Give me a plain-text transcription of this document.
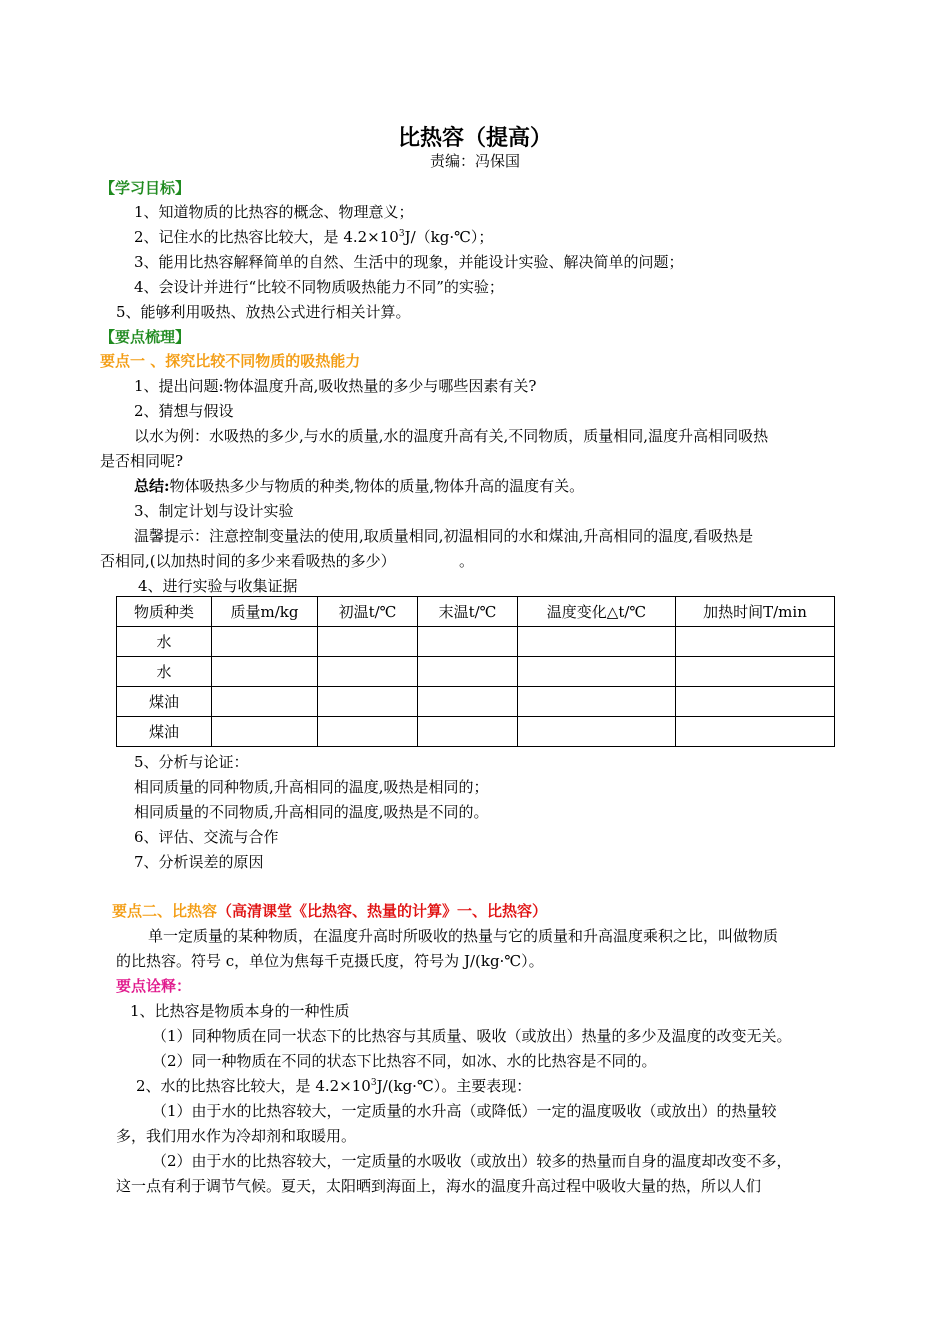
比热容（提高）
责编：冯保国
【学习目标】
1、知道物质的比热容的概念、物理意义；
2、记住水的比热容比较大，是 $4.2\times 10^3J/(kg\cdot℃)$；
3、能用比热容解释简单的自然、生活中的现象，并能设计实验、解决简单的问题；
4、会设计并进行“比较不同物质吸热能力不同”的实验；
5、能够利用吸热、放热公式进行相关计算。
【要点梳理】
要点一 、探究比较不同物质的吸热能力
1、提出问题:物体温度升高,吸收热量的多少与哪些因素有关?
2、猜想与假设
以水为例：水吸热的多少,与水的质量,水的温度升高有关,不同物质，质量相同,温度升高相同吸热
是否相同呢?
总结:物体吸热多少与物质的种类,物体的质量,物体升高的温度有关。
3、制定计划与设计实验
温馨提示：注意控制变量法的使用,取质量相同,初温相同的水和煤油,升高相同的温度,看吸热是
否相同,(以加热时间的多少来看吸热的多少）	。
4、进行实验与收集证据
物质种类	质量m/kg	初温t/℃	末温t/℃	温度变化△t/℃	加热时间T/min
水					
水					
煤油					
煤油					
5、分析与论证：
相同质量的同种物质,升高相同的温度,吸热是相同的；
相同质量的不同物质,升高相同的温度,吸热是不同的。
6、评估、交流与合作
7、分析误差的原因
要点二、比热容（高清课堂《比热容、热量的计算》一、比热容）
单一定质量的某种物质，在温度升高时所吸收的热量与它的质量和升高温度乘积之比，叫做物质
的比热容。符号 c，单位为焦每千克摄氏度，符号为 J/(kg·℃）。
要点诠释：
1、比热容是物质本身的一种性质
（1）同种物质在同一状态下的比热容与其质量、吸收（或放出）热量的多少及温度的改变无关。
（2）同一种物质在不同的状态下比热容不同，如冰、水的比热容是不同的。
2、水的比热容比较大，是 $4.2\times 10^3J/(kg\cdot℃)$。主要表现：
（1）由于水的比热容较大，一定质量的水升高（或降低）一定的温度吸收（或放出）的热量较
多，我们用水作为冷却剂和取暖用。
（2）由于水的比热容较大，一定质量的水吸收（或放出）较多的热量而自身的温度却改变不多，
这一点有利于调节气候。夏天，太阳晒到海面上，海水的温度升高过程中吸收大量的热，所以人们
